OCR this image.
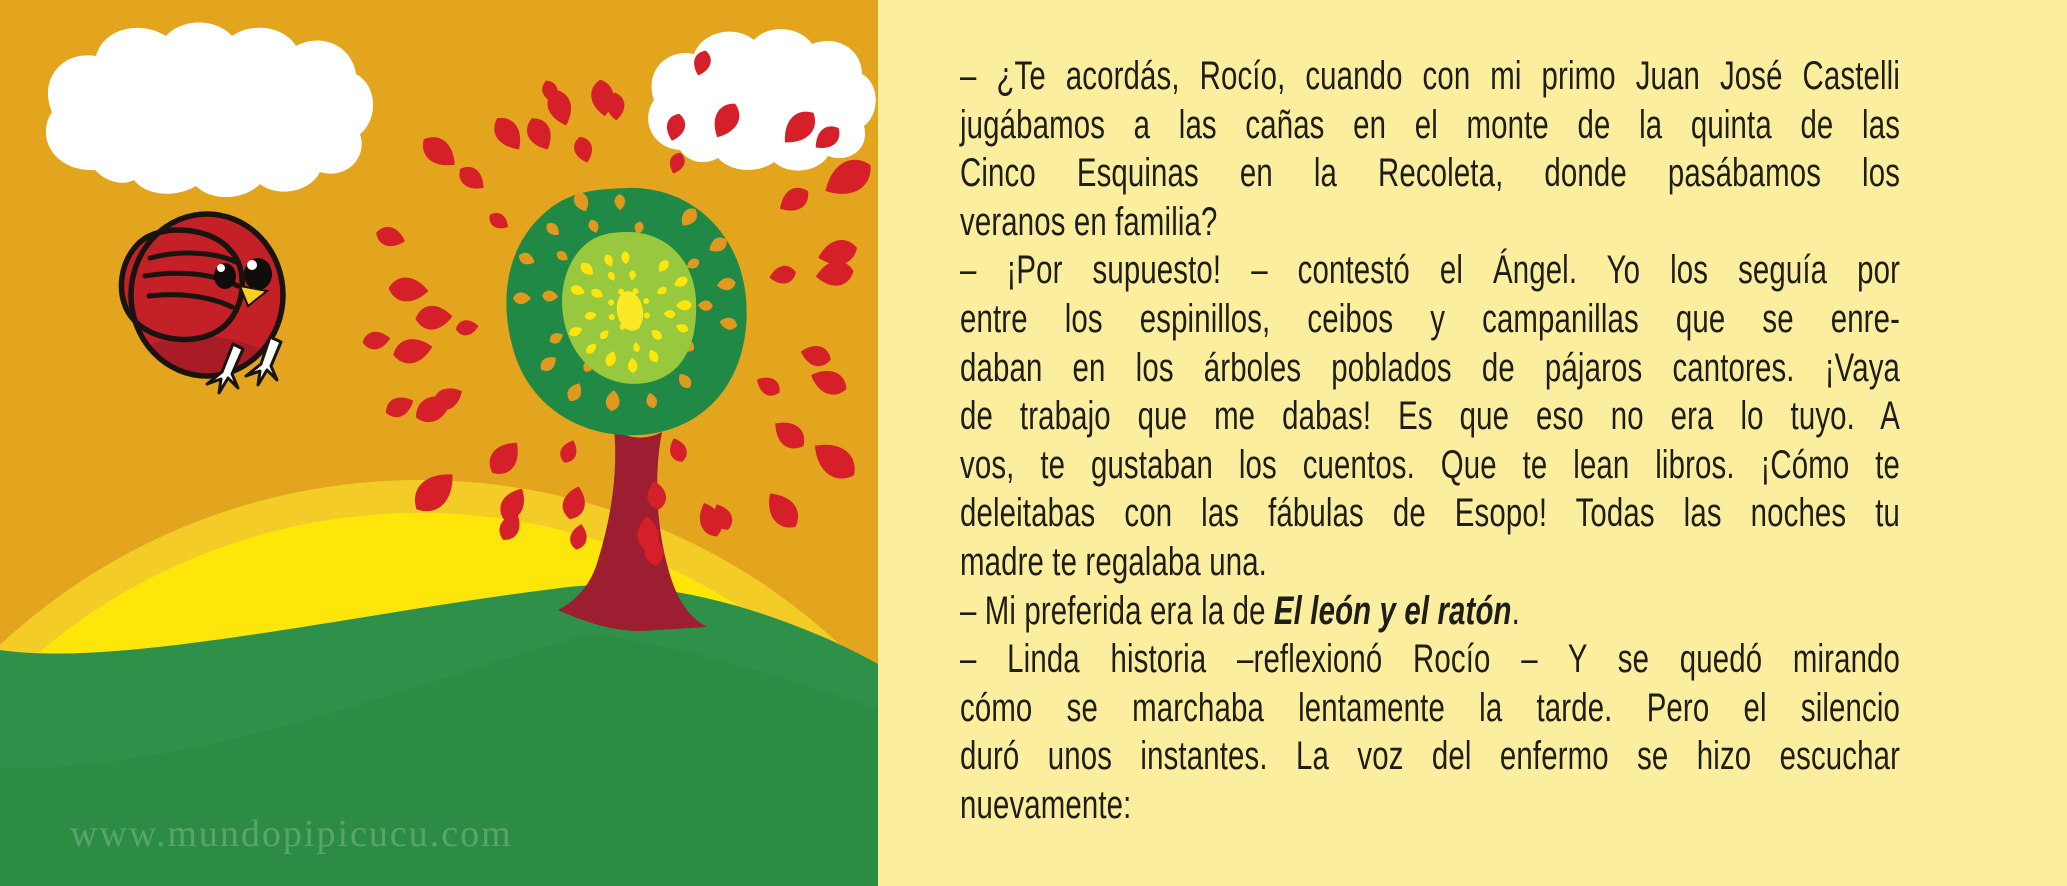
www.mundopipicucu.com
– ¿Te acordás, Rocío, cuando con mi primo Juan José Castelli
jugábamos a las cañas en el monte de la quinta de las
Cinco Esquinas en la Recoleta, donde pasábamos los
veranos en familia?
– ¡Por supuesto! – contestó el Ángel. Yo los seguía por
entre los espinillos, ceibos y campanillas que se enre-
daban en los árboles poblados de pájaros cantores. ¡Vaya
de trabajo que me dabas! Es que eso no era lo tuyo. A
vos, te gustaban los cuentos. Que te lean libros. ¡Cómo te
deleitabas con las fábulas de Esopo! Todas las noches tu
madre te regalaba una.
– Mi preferida era la de El león y el ratón.
– Linda historia –reflexionó Rocío – Y se quedó mirando
cómo se marchaba lentamente la tarde. Pero el silencio
duró unos instantes. La voz del enfermo se hizo escuchar
nuevamente:
